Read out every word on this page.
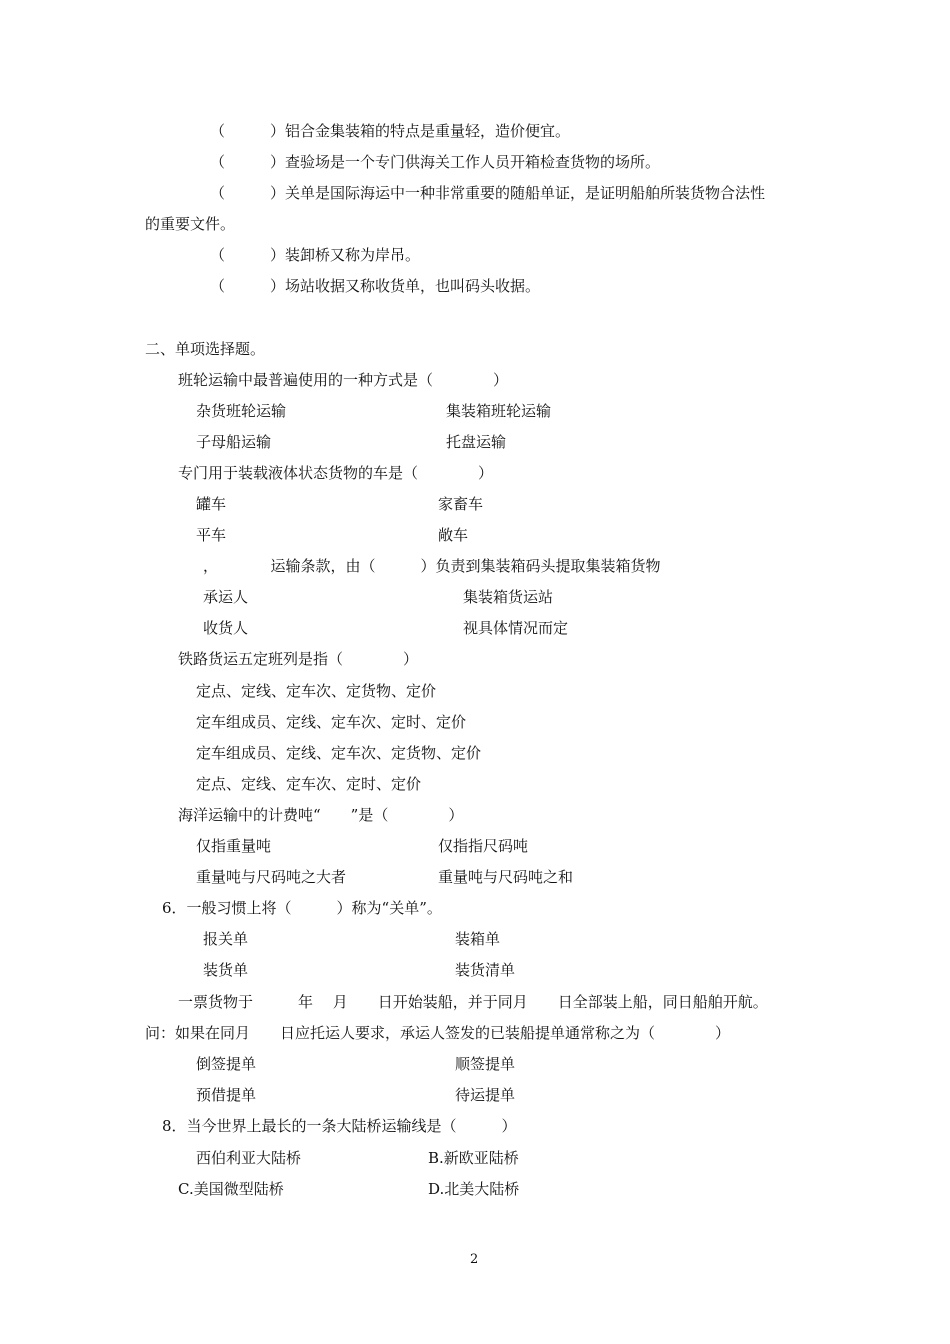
（　　　）铝合金集装箱的特点是重量轻，造价便宜。
（　　　）查验场是一个专门供海关工作人员开箱检查货物的场所。
（　　　）关单是国际海运中一种非常重要的随船单证，是证明船舶所装货物合法性
的重要文件。
（　　　）装卸桥又称为岸吊。
（　　　）场站收据又称收货单，也叫码头收据。
二、单项选择题。
班轮运输中最普遍使用的一种方式是（　　　　）
杂货班轮运输	集装箱班轮运输
子母船运输	托盘运输
专门用于装载液体状态货物的车是（　　　　）
罐车	家畜车
平车	敞车
，　　　　运输条款，由（　　　）负责到集装箱码头提取集装箱货物
承运人	集装箱货运站
收货人	视具体情况而定
铁路货运五定班列是指（　　　　）
定点、定线、定车次、定货物、定价
定车组成员、定线、定车次、定时、定价
定车组成员、定线、定车次、定货物、定价
定点、定线、定车次、定时、定价
海洋运输中的计费吨“　　”是（　　　　）
仅指重量吨	仅指指尺码吨
重量吨与尺码吨之大者	重量吨与尺码吨之和
6．一般习惯上将（　　　）称为“关单”。
报关单	装箱单
装货单	装货清单
一票货物于　　　年　 月　　日开始装船，并于同月　　日全部装上船，同日船舶开航。
问：如果在同月　　日应托运人要求，承运人签发的已装船提单通常称之为（　　　　）
倒签提单	顺签提单
预借提单	待运提单
8．当今世界上最长的一条大陆桥运输线是（　　　）
西伯利亚大陆桥	B.新欧亚陆桥
C.美国微型陆桥	D.北美大陆桥
2
